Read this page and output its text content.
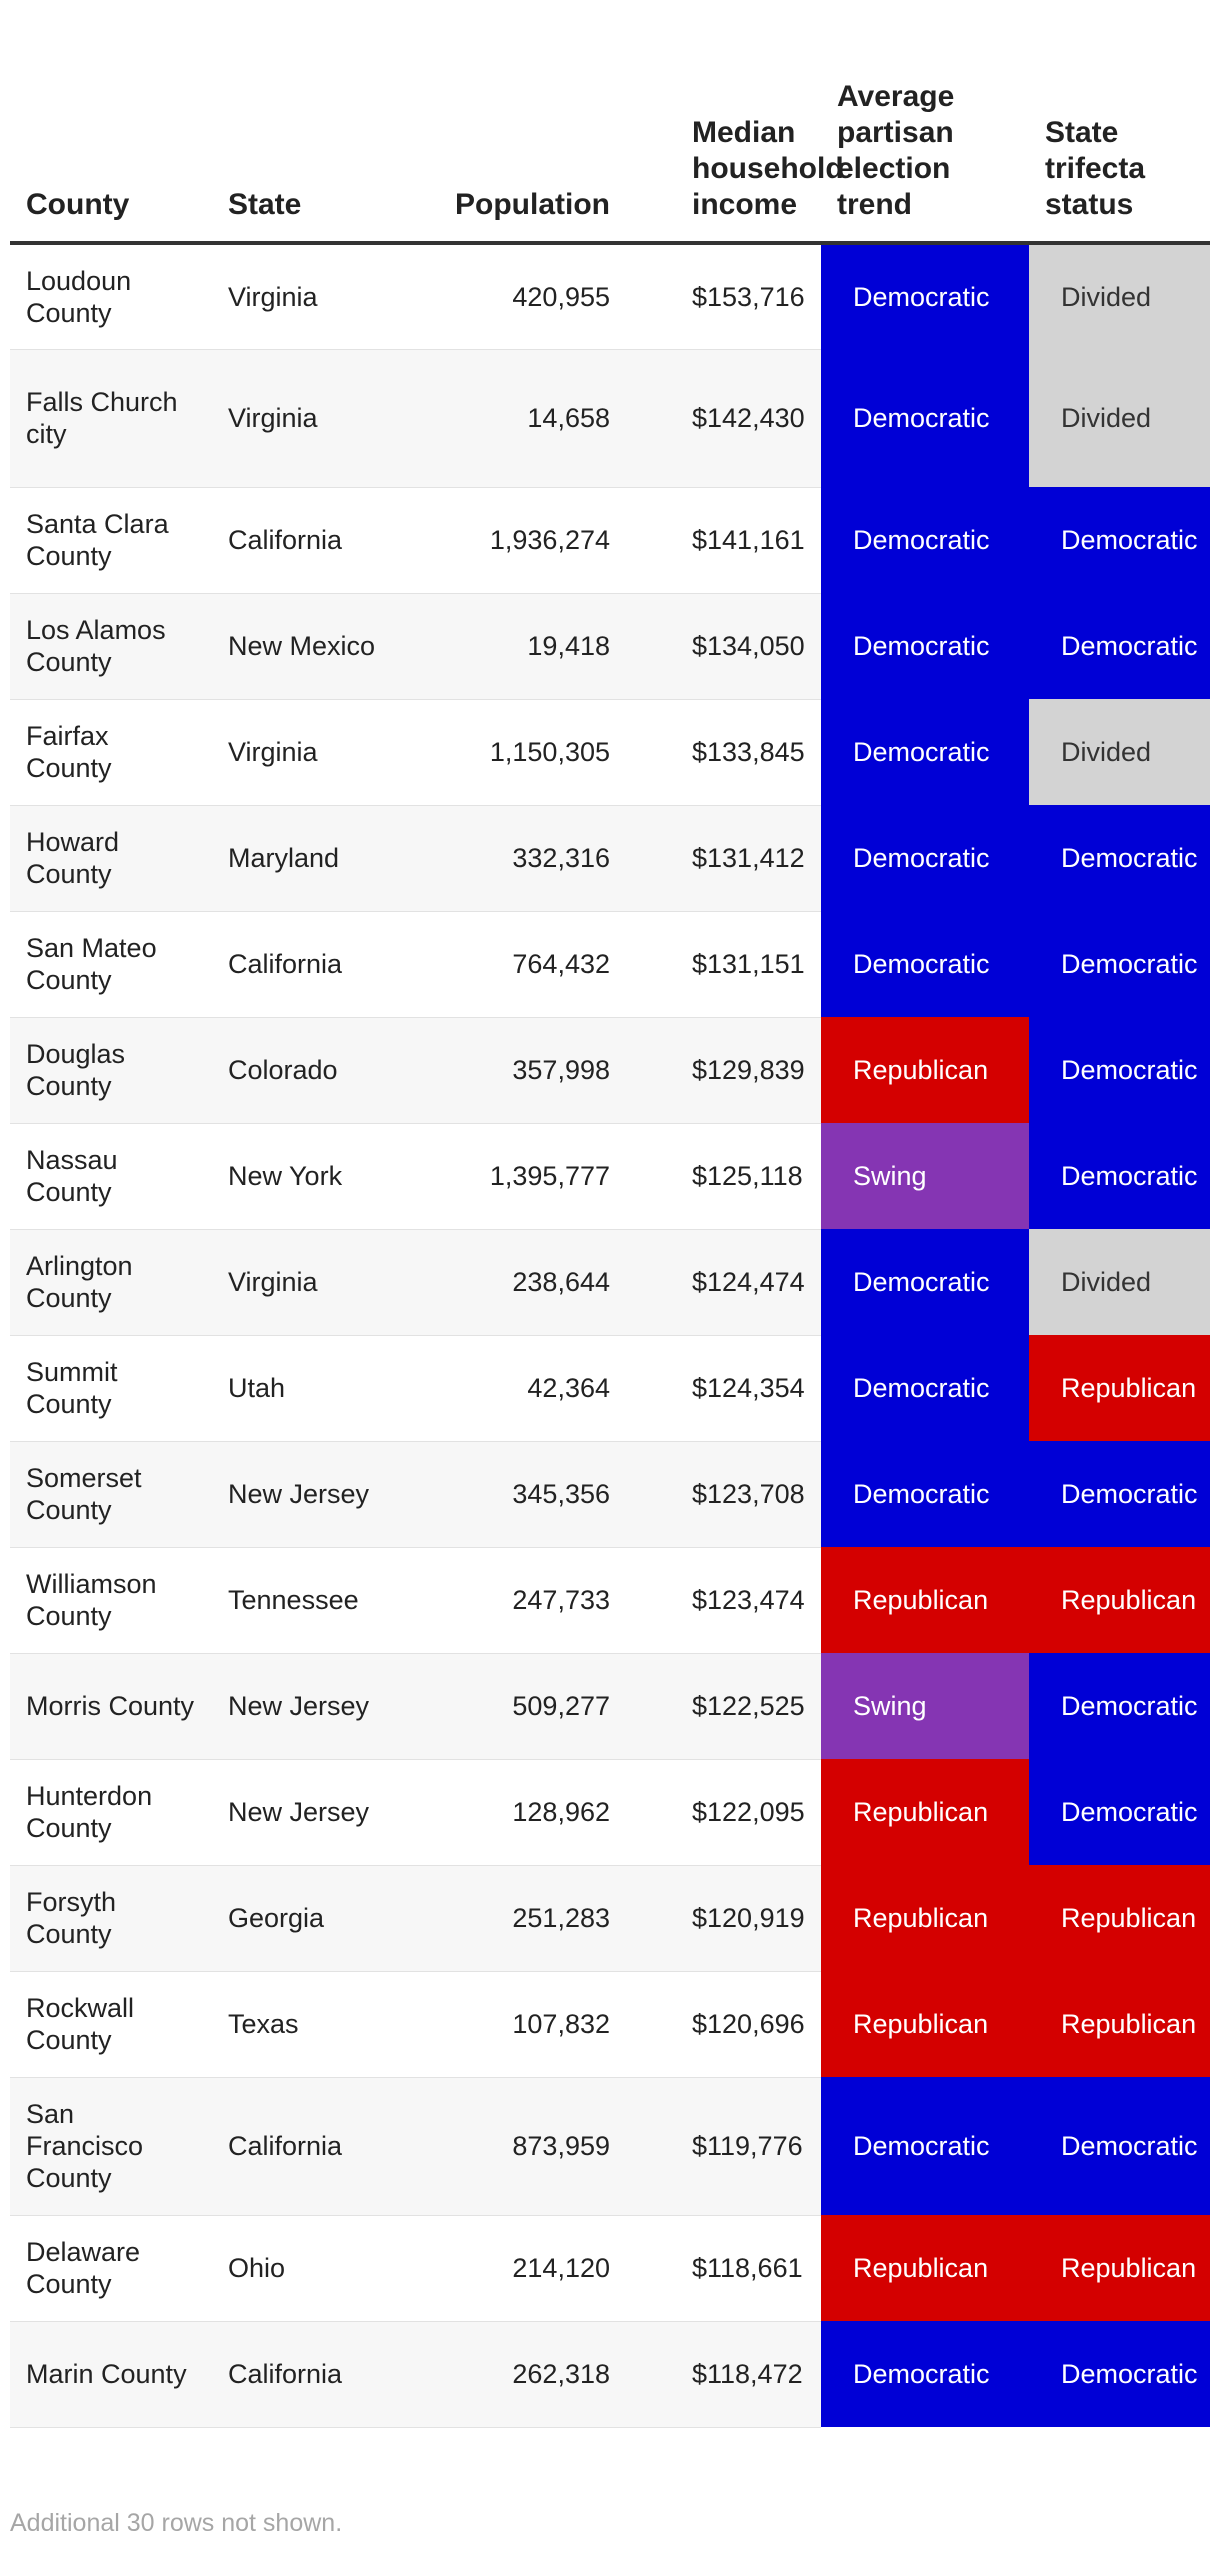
County	State	Population	Median household income	Average partisan election trend	State trifecta status
Loudoun County	Virginia	420,955	$153,716	Democratic	Divided
Falls Church city	Virginia	14,658	$142,430	Democratic	Divided
Santa Clara County	California	1,936,274	$141,161	Democratic	Democratic
Los Alamos County	New Mexico	19,418	$134,050	Democratic	Democratic
Fairfax County	Virginia	1,150,305	$133,845	Democratic	Divided
Howard County	Maryland	332,316	$131,412	Democratic	Democratic
San Mateo County	California	764,432	$131,151	Democratic	Democratic
Douglas County	Colorado	357,998	$129,839	Republican	Democratic
Nassau County	New York	1,395,777	$125,118	Swing	Democratic
Arlington County	Virginia	238,644	$124,474	Democratic	Divided
Summit County	Utah	42,364	$124,354	Democratic	Republican
Somerset County	New Jersey	345,356	$123,708	Democratic	Democratic
Williamson County	Tennessee	247,733	$123,474	Republican	Republican
Morris County	New Jersey	509,277	$122,525	Swing	Democratic
Hunterdon County	New Jersey	128,962	$122,095	Republican	Democratic
Forsyth County	Georgia	251,283	$120,919	Republican	Republican
Rockwall County	Texas	107,832	$120,696	Republican	Republican
San Francisco County	California	873,959	$119,776	Democratic	Democratic
Delaware County	Ohio	214,120	$118,661	Republican	Republican
Marin County	California	262,318	$118,472	Democratic	Democratic
Additional 30 rows not shown.
